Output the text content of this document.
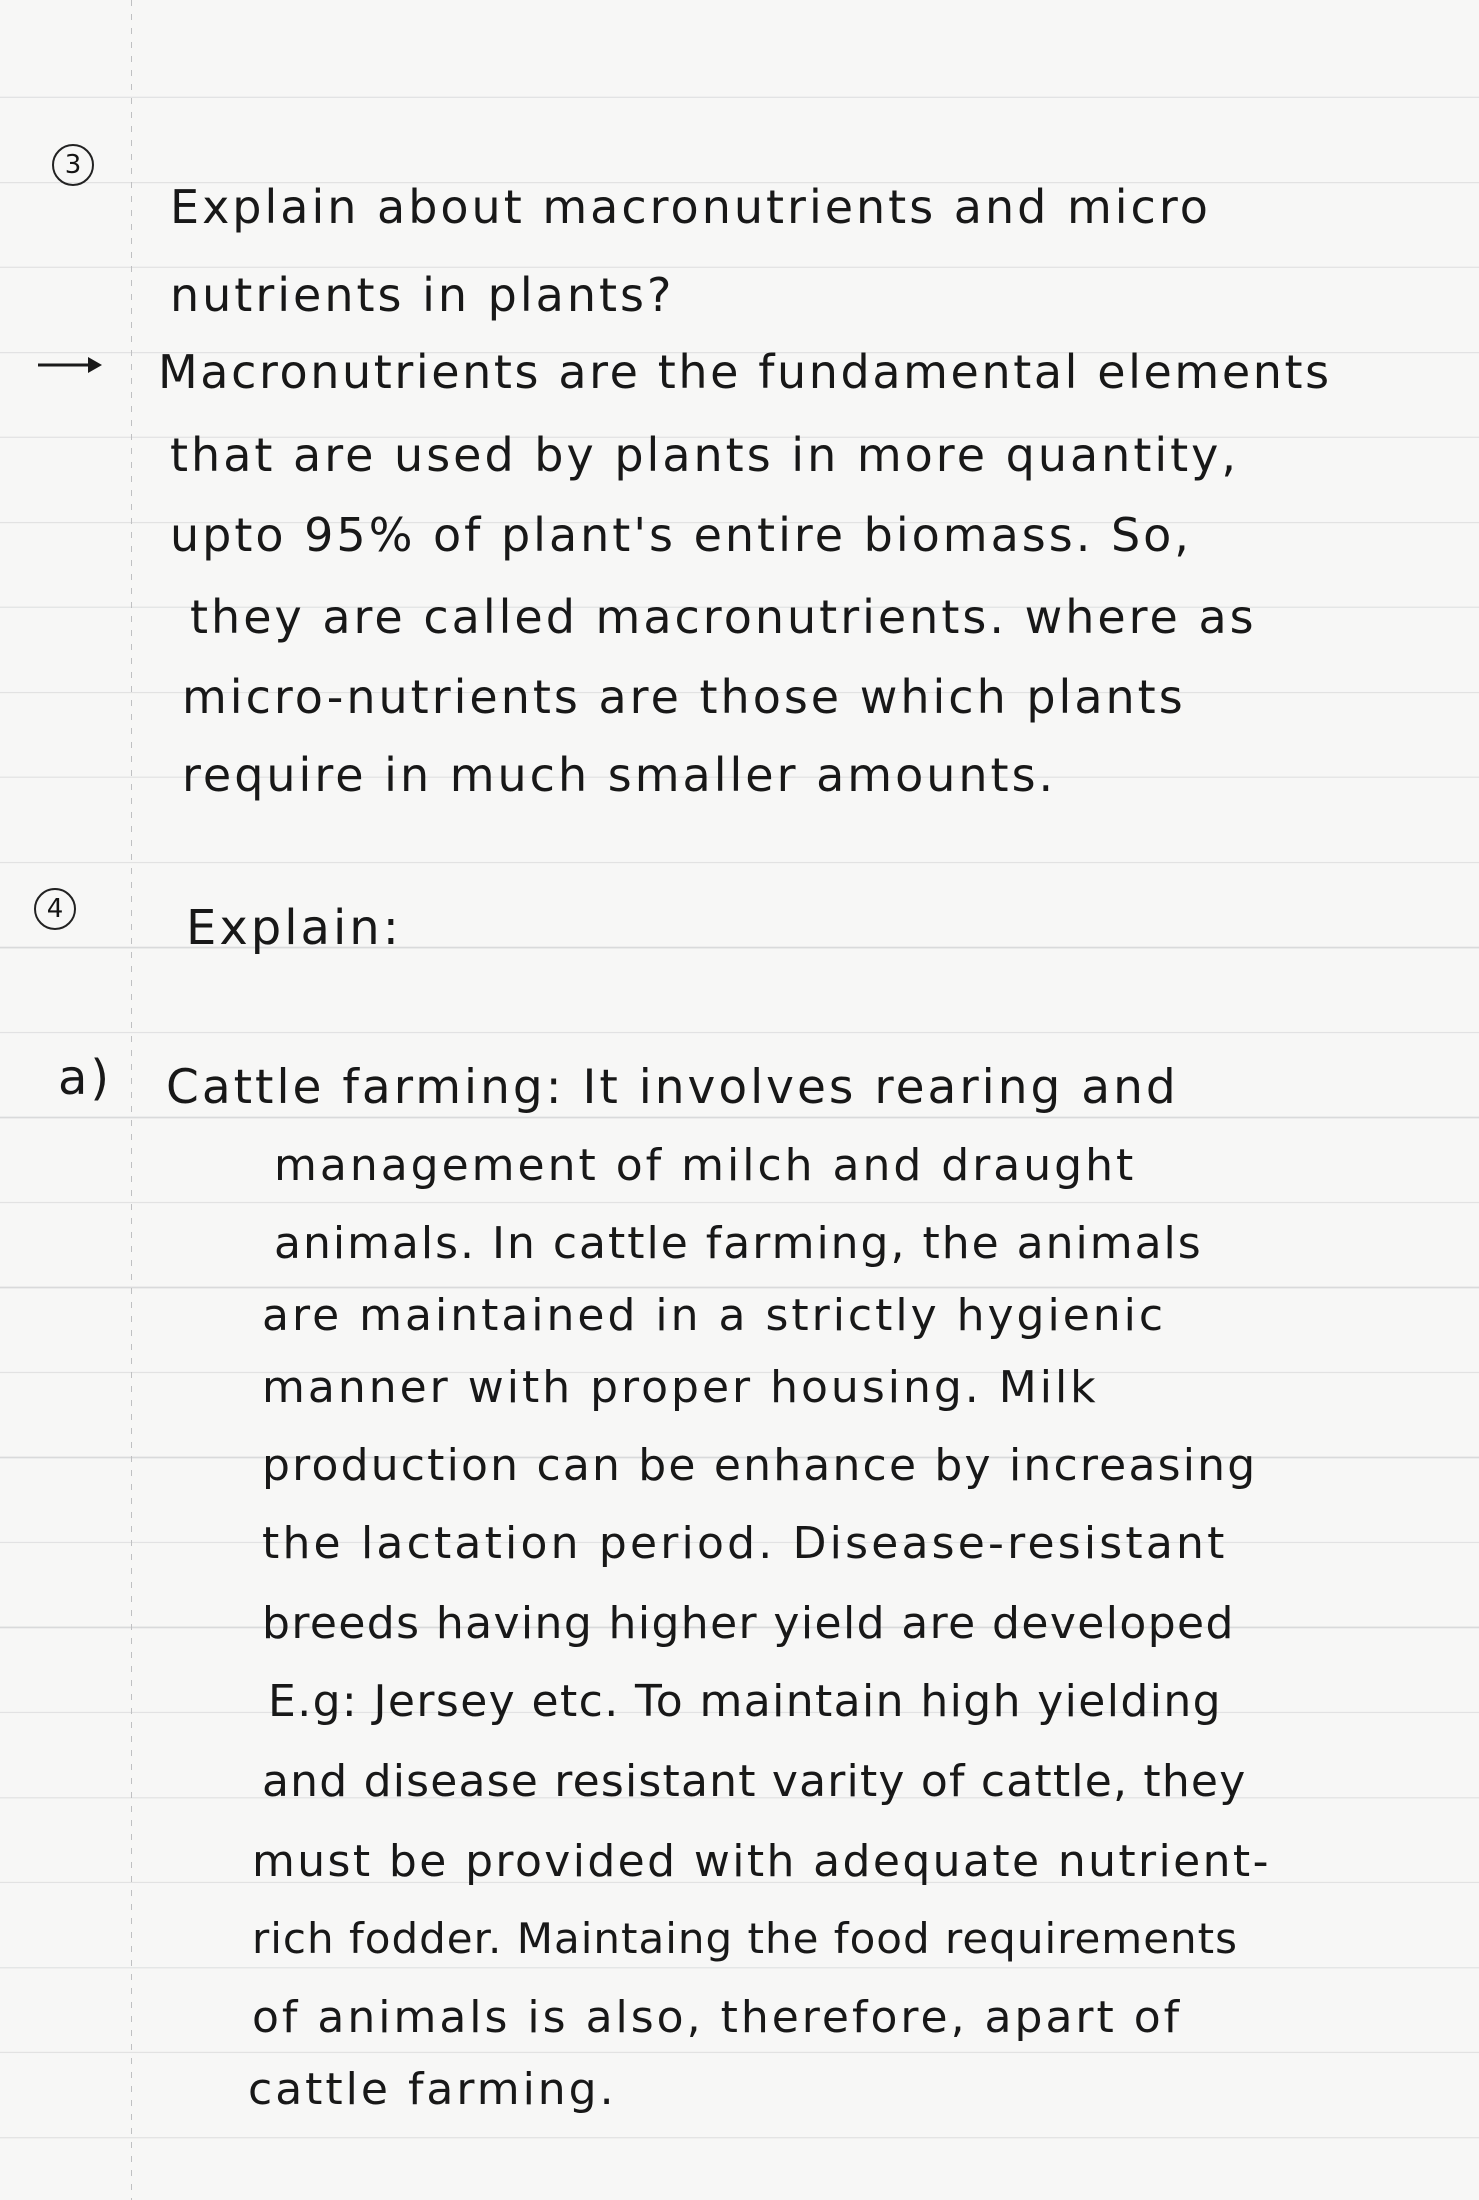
3
Explain about macronutrients and micro
nutrients in plants?
Macronutrients are the fundamental elements
that are used by plants in more quantity,
upto 95% of plant's entire biomass. So,
they are called macronutrients. where as
micro-nutrients are those which plants
require in much smaller amounts.
4	Explain:
a) Cattle farming: It involves rearing and
management of milch and draught
animals. In cattle farming, the animals
are maintained in a strictly hygienic
manner with proper housing. Milk
production can be enhance by increasing
the lactation period. Disease-resistant
breeds having higher yield are developed
E.g: Jersey etc. To maintain high yielding
and disease resistant varity of cattle, they
must be provided with adequate nutrient-
rich fodder. Maintaing the food requirements
of animals is also, therefore, apart of
cattle farming.
